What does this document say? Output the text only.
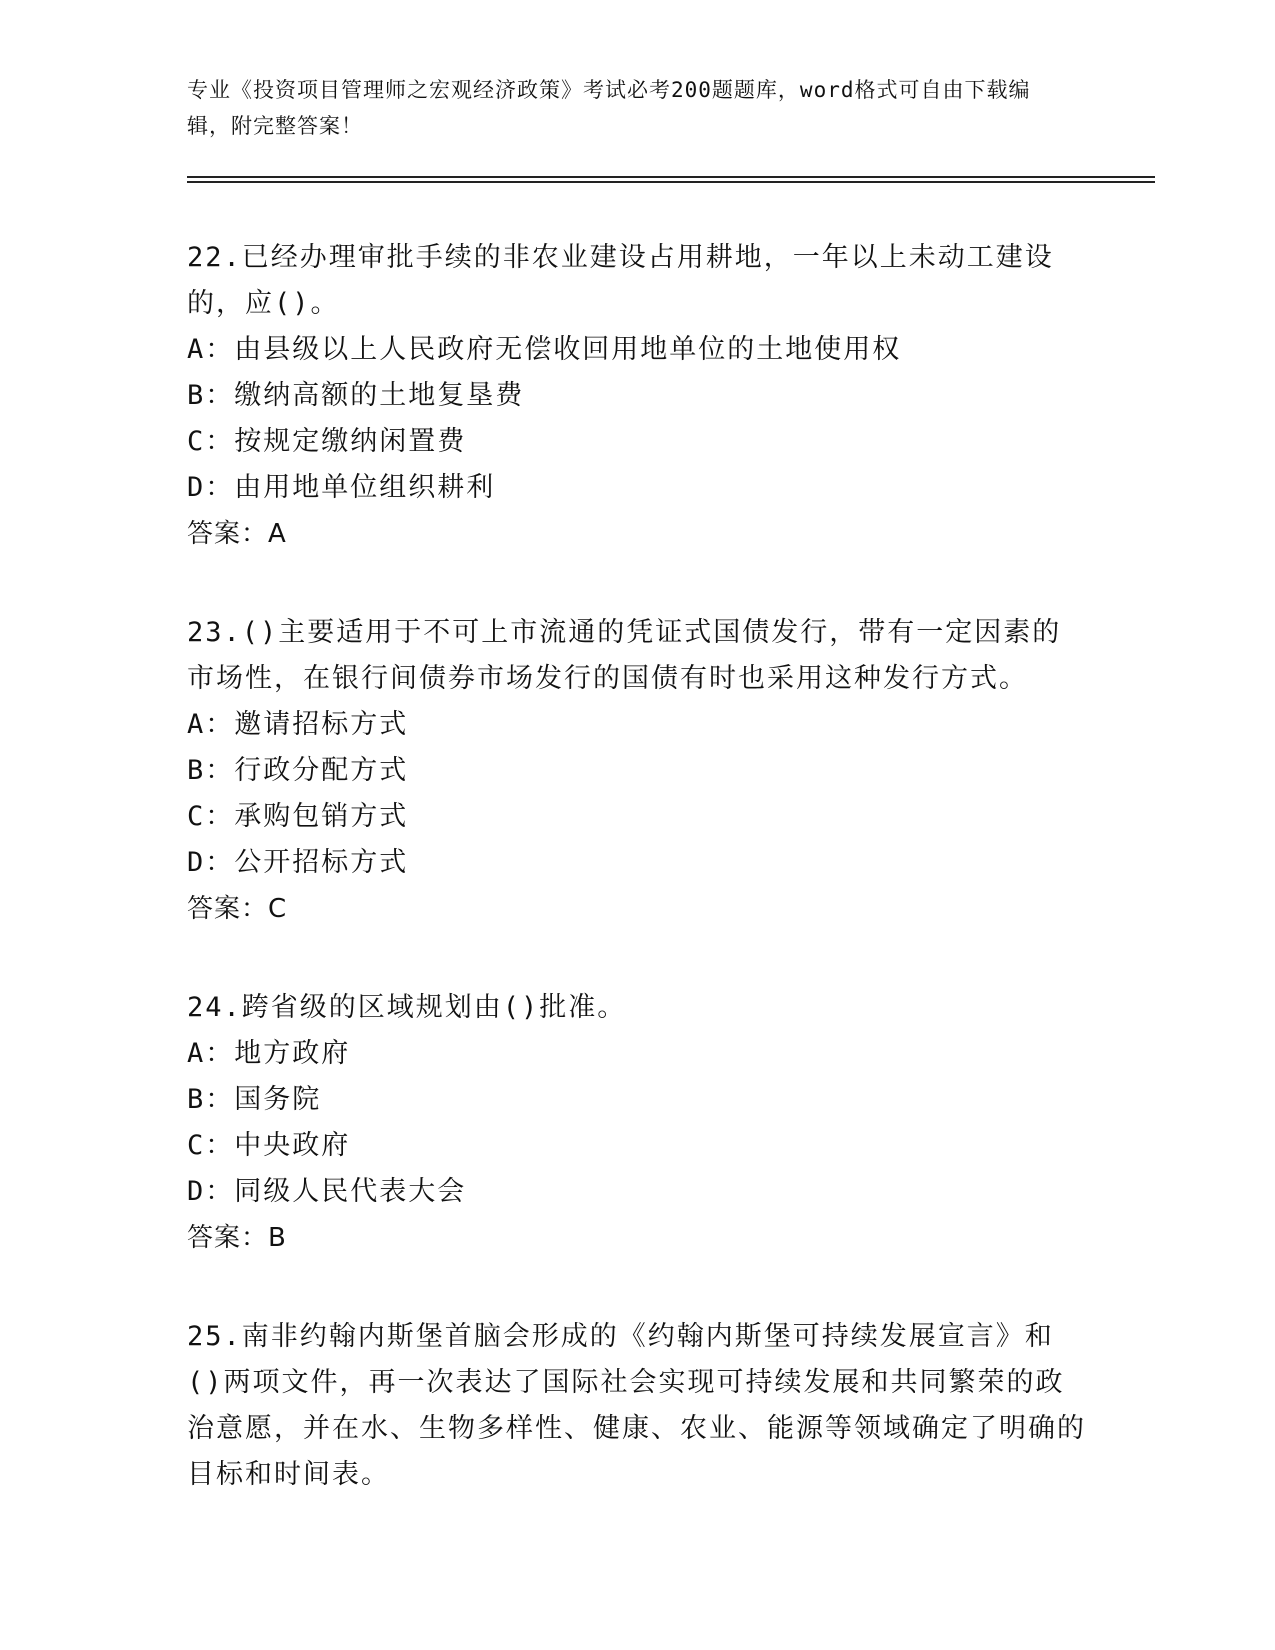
专业《投资项目管理师之宏观经济政策》考试必考200题题库，word格式可自由下载编辑，附完整答案！
22.已经办理审批手续的非农业建设占用耕地，一年以上未动工建设的，应()。
A：由县级以上人民政府无偿收回用地单位的土地使用权
B：缴纳高额的土地复垦费
C：按规定缴纳闲置费
D：由用地单位组织耕利
答案：A
23.()主要适用于不可上市流通的凭证式国债发行，带有一定因素的市场性，在银行间债券市场发行的国债有时也采用这种发行方式。
A：邀请招标方式
B：行政分配方式
C：承购包销方式
D：公开招标方式
答案：C
24.跨省级的区域规划由()批准。
A：地方政府
B：国务院
C：中央政府
D：同级人民代表大会
答案：B
25.南非约翰内斯堡首脑会形成的《约翰内斯堡可持续发展宣言》和()两项文件，再一次表达了国际社会实现可持续发展和共同繁荣的政治意愿，并在水、生物多样性、健康、农业、能源等领域确定了明确的目标和时间表。
